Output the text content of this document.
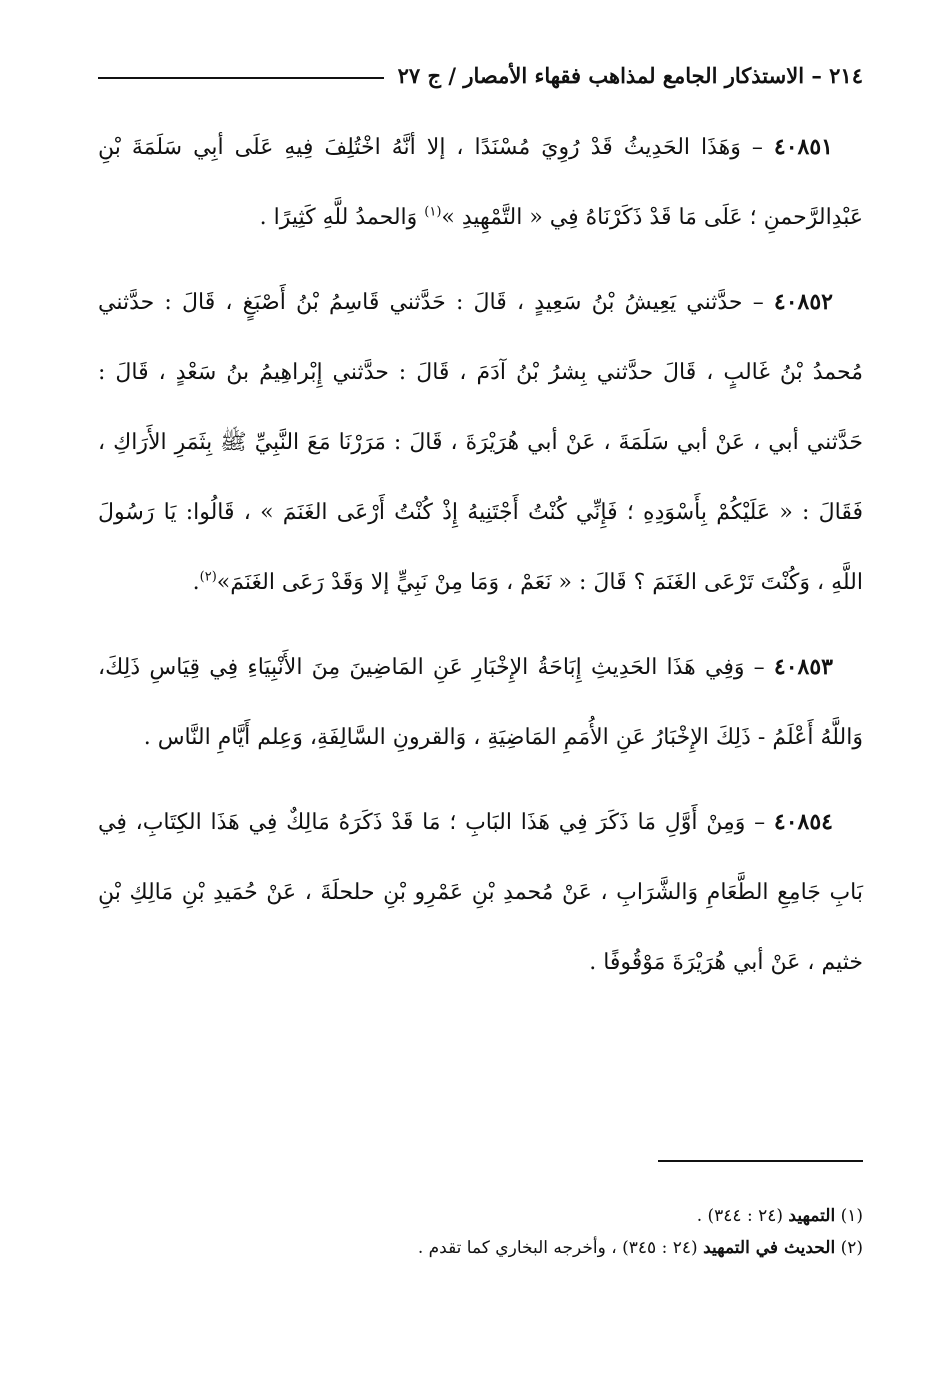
٢١٤ – الاستذكار الجامع لمذاهب فقهاء الأمصار / ج ٢٧

٤٠٨٥١ – وَهَذَا الحَدِيثُ قَدْ رُوِيَ مُسْنَدًا ، إلا أنَّهُ اخْتُلِفَ فِيهِ عَلَى أبِي سَلَمَةَ بْنِ عَبْدِالرَّحمنِ ؛ عَلَى مَا قَدْ ذَكَرْنَاهُ فِي « التَّمْهِيدِ »$^{(١)}$ وَالحمدُ للَّهِ كَثِيرًا .

٤٠٨٥٢ – حدَّثني يَعِيشُ بْنُ سَعِيدٍ ، قَالَ : حَدَّثني قَاسِمُ بْنُ أَصْبَغٍ ، قَالَ : حدَّثني مُحمدُ بْنُ غَالبٍ ، قَالَ حدَّثني بِشرُ بْنُ آدَمَ ، قَالَ : حدَّثني إِبْراهِيمُ بنُ سَعْدٍ ، قَالَ : حَدَّثني أبي ، عَنْ أبي سَلَمَةَ ، عَنْ أبي هُرَيْرَةَ ، قَالَ : مَرَرْنَا مَعَ النَّبِيِّ ﷺ بِثَمَرِ الأَرَاكِ ، فَقَالَ : « عَلَيْكُمْ بِأَسْوَدِهِ ؛ فَإِنِّي كُنْتُ أَجْتَنِيهُ إِذْ كُنْتُ أَرْعَى الغَنَمَ » ، قَالُوا: يَا رَسُولَ اللَّهِ ، وَكُنْتَ تَرْعَى الغَنَمَ ؟ قَالَ : « نَعَمْ ، وَمَا مِنْ نَبِيٍّ إلا وَقَدْ رَعَى الغَنَمَ»$^{(٢)}$.

٤٠٨٥٣ – وَفِي هَذَا الحَدِيثِ إِبَاحَةُ الإِخْبَارِ عَنِ المَاضِينَ مِنَ الأَنْبِيَاءِ فِي قِيَاسِ ذَلِكَ، وَاللَّهُ أَعْلَمُ - ذَلِكَ الإِخْبَارُ عَنِ الأُمَمِ المَاضِيَةِ ، وَالقرونِ السَّالِفَةِ، وَعِلم أَيَّامِ النَّاس .

٤٠٨٥٤ – وَمِنْ أَوَّلِ مَا ذَكَرَ فِي هَذَا البَابِ ؛ مَا قَدْ ذَكَرَهُ مَالِكٌ فِي هَذَا الكِتَابِ، فِي بَابِ جَامِعِ الطَّعَامِ وَالشَّرَابِ ، عَنْ مُحمدِ بْنِ عَمْرِو بْنِ حلحلَةَ ، عَنْ حُمَيدِ بْنِ مَالِكِ بْنِ خثيم ، عَنْ أبي هُرَيْرَةَ مَوْقُوفًا .

(١) التمهيد (٢٤ : ٣٤٤) .
(٢) الحديث في التمهيد (٢٤ : ٣٤٥) ، وأخرجه البخاري كما تقدم .
